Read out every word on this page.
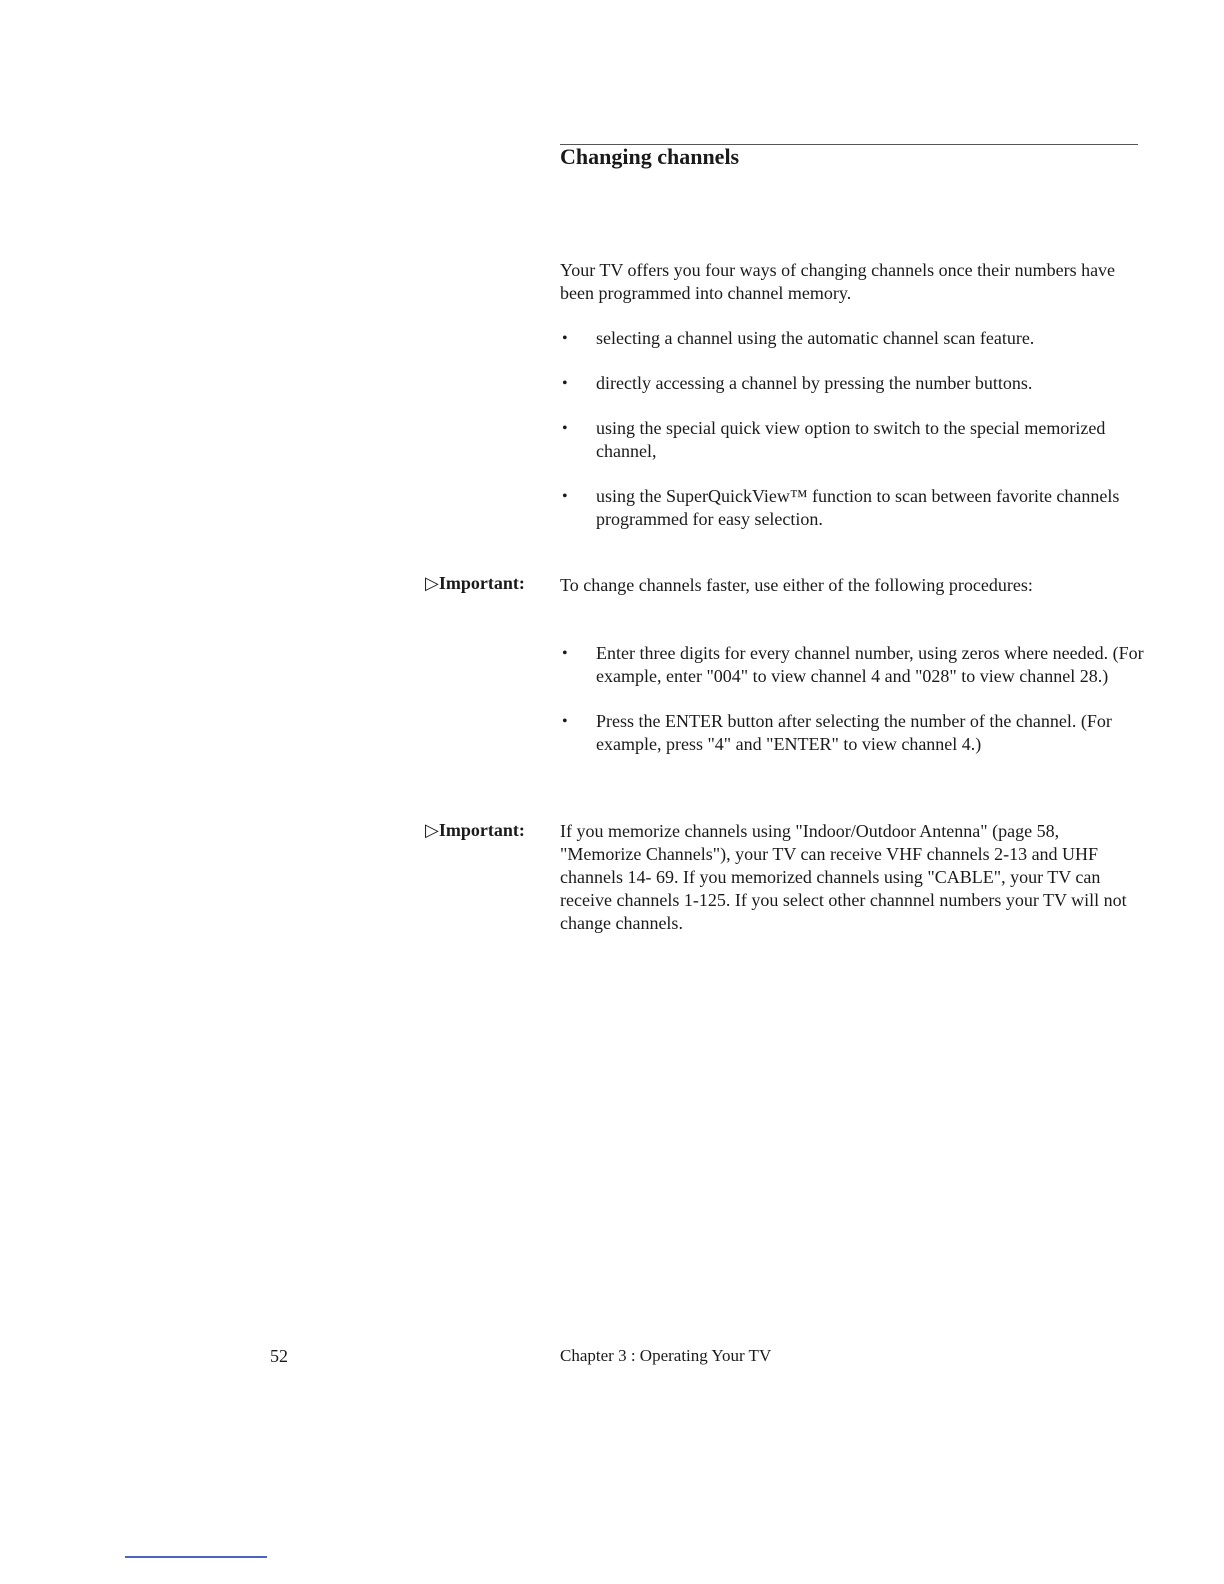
Changing channels

Your TV offers you four ways of changing channels once their numbers have been programmed into channel memory.

• selecting a channel using the automatic channel scan feature.
• directly accessing a channel by pressing the number buttons.
• using the special quick view option to switch to the special memorized channel,
• using the SuperQuickView™ function to scan between favorite channels programmed for easy selection.

▷Important: To change channels faster, use either of the following procedures:

• Enter three digits for every channel number, using zeros where needed. (For example, enter "004" to view channel 4 and "028" to view channel 28.)
• Press the ENTER button after selecting the number of the channel. (For example, press "4" and "ENTER" to view channel 4.)

▷Important: If you memorize channels using "Indoor/Outdoor Antenna" (page 58, "Memorize Channels"), your TV can receive VHF channels 2-13 and UHF channels 14- 69. If you memorized channels using "CABLE", your TV can receive channels 1-125. If you select other channnel numbers your TV will not change channels.

52	Chapter 3 : Operating Your TV
